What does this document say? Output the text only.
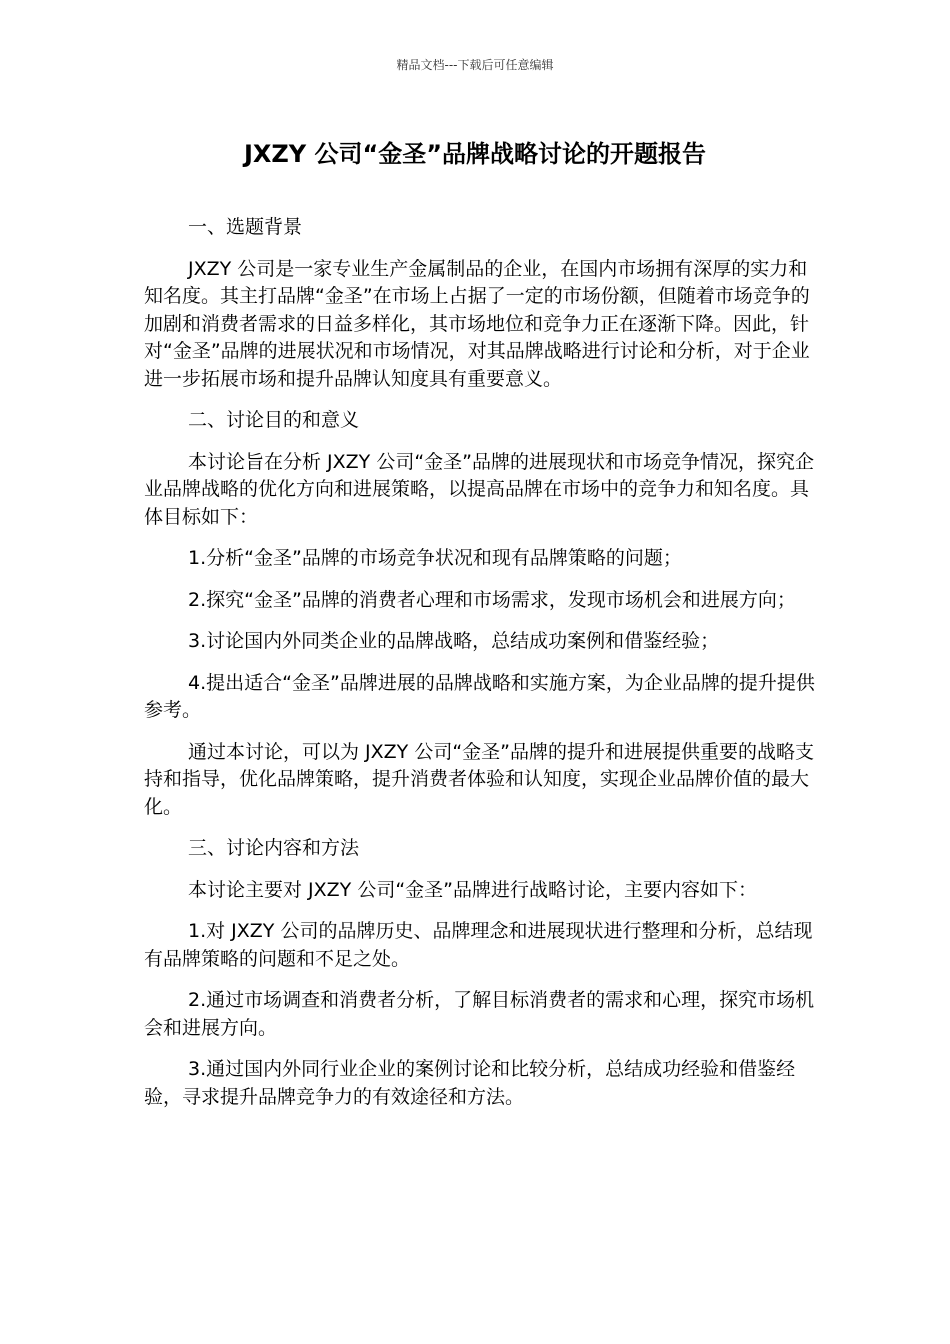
精品文档---下载后可任意编辑
JXZY 公司“金圣”品牌战略讨论的开题报告

一、选题背景

JXZY 公司是一家专业生产金属制品的企业，在国内市场拥有深厚的实力和知名度。其主打品牌“金圣”在市场上占据了一定的市场份额，但随着市场竞争的加剧和消费者需求的日益多样化，其市场地位和竞争力正在逐渐下降。因此，针对“金圣”品牌的进展状况和市场情况，对其品牌战略进行讨论和分析，对于企业进一步拓展市场和提升品牌认知度具有重要意义。

二、讨论目的和意义

本讨论旨在分析 JXZY 公司“金圣”品牌的进展现状和市场竞争情况，探究企业品牌战略的优化方向和进展策略，以提高品牌在市场中的竞争力和知名度。具体目标如下：

1.分析“金圣”品牌的市场竞争状况和现有品牌策略的问题；

2.探究“金圣”品牌的消费者心理和市场需求，发现市场机会和进展方向；

3.讨论国内外同类企业的品牌战略，总结成功案例和借鉴经验；

4.提出适合“金圣”品牌进展的品牌战略和实施方案，为企业品牌的提升提供参考。

通过本讨论，可以为 JXZY 公司“金圣”品牌的提升和进展提供重要的战略支持和指导，优化品牌策略，提升消费者体验和认知度，实现企业品牌价值的最大化。

三、讨论内容和方法

本讨论主要对 JXZY 公司“金圣”品牌进行战略讨论，主要内容如下：

1.对 JXZY 公司的品牌历史、品牌理念和进展现状进行整理和分析，总结现有品牌策略的问题和不足之处。

2.通过市场调查和消费者分析，了解目标消费者的需求和心理，探究市场机会和进展方向。

3.通过国内外同行业企业的案例讨论和比较分析，总结成功经验和借鉴经验，寻求提升品牌竞争力的有效途径和方法。
